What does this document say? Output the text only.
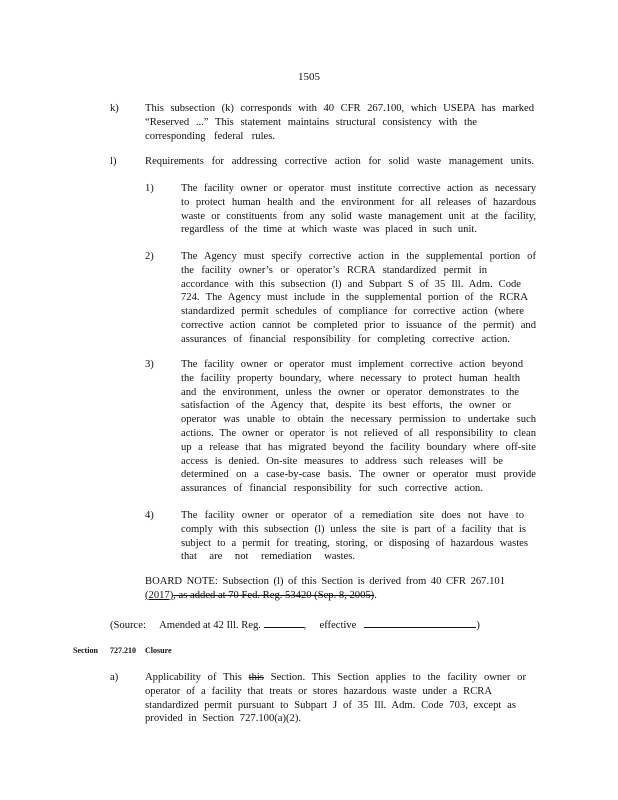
1505
k) This subsection (k) corresponds with 40 CFR 267.100, which USEPA has marked
“Reserved ...” This statement maintains structural consistency with the
corresponding federal rules.
l)	Requirements for addressing corrective action for solid waste management units.
1)	The facility owner or operator must institute corrective action as necessary
to protect human health and the environment for all releases of hazardous
waste or constituents from any solid waste management unit at the facility,
regardless of the time at which waste was placed in such unit.
2)	The Agency must specify corrective action in the supplemental portion of
the facility owner’s or operator’s RCRA standardized permit in
accordance with this subsection (l) and Subpart S of 35 Ill. Adm. Code
724. The Agency must include in the supplemental portion of the RCRA
standardized permit schedules of compliance for corrective action (where
corrective action cannot be completed prior to issuance of the permit) and
assurances of financial responsibility for completing corrective action.
3)	The facility owner or operator must implement corrective action beyond
the facility property boundary, where necessary to protect human health
and the environment, unless the owner or operator demonstrates to the
satisfaction of the Agency that, despite its best efforts, the owner or
operator was unable to obtain the necessary permission to undertake such
actions. The owner or operator is not relieved of all responsibility to clean
up a release that has migrated beyond the facility boundary where off-site
access is denied. On-site measures to address such releases will be
determined on a case-by-case basis. The owner or operator must provide
assurances of financial responsibility for such corrective action.
4)	The facility owner or operator of a remediation site does not have to
comply with this subsection (l) unless the site is part of a facility that is
subject to a permit for treating, storing, or disposing of hazardous wastes
that are not remediation wastes.
BOARD NOTE: Subsection (l) of this Section is derived from 40 CFR 267.101
(2017), as added at 70 Fed. Reg. 53420 (Sep. 8, 2005).
(Source: Amended at 42 Ill. Reg.	, effective	)
Section 727.210 Closure
a)	Applicability of This this Section. This Section applies to the facility owner or
operator of a facility that treats or stores hazardous waste under a RCRA
standardized permit pursuant to Subpart J of 35 Ill. Adm. Code 703, except as
provided in Section 727.100(a)(2).
